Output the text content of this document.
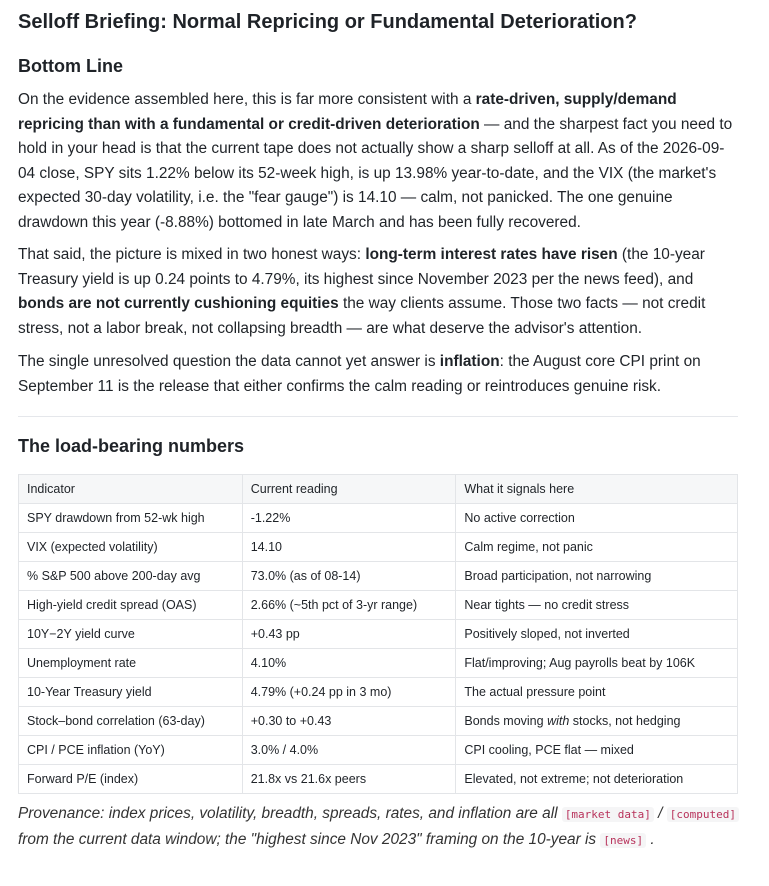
Selloff Briefing: Normal Repricing or Fundamental Deterioration?
Bottom Line

On the evidence assembled here, this is far more consistent with a rate-driven, supply/demand repricing than with a fundamental or credit-driven deterioration — and the sharpest fact you need to hold in your head is that the current tape does not actually show a sharp selloff at all. As of the 2026-09-04 close, SPY sits 1.22% below its 52-week high, is up 13.98% year-to-date, and the VIX (the market's expected 30-day volatility, i.e. the "fear gauge") is 14.10 — calm, not panicked. The one genuine drawdown this year (-8.88%) bottomed in late March and has been fully recovered.

That said, the picture is mixed in two honest ways: long-term interest rates have risen (the 10-year Treasury yield is up 0.24 points to 4.79%, its highest since November 2023 per the news feed), and bonds are not currently cushioning equities the way clients assume. Those two facts — not credit stress, not a labor break, not collapsing breadth — are what deserve the advisor's attention.

The single unresolved question the data cannot yet answer is inflation: the August core CPI print on September 11 is the release that either confirms the calm reading or reintroduces genuine risk.

The load-bearing numbers
Indicator	Current reading	What it signals here
SPY drawdown from 52-wk high	-1.22%	No active correction
VIX (expected volatility)	14.10	Calm regime, not panic
% S&P 500 above 200-day avg	73.0% (as of 08-14)	Broad participation, not narrowing
High-yield credit spread (OAS)	2.66% (~5th pct of 3-yr range)	Near tights — no credit stress
10Y−2Y yield curve	+0.43 pp	Positively sloped, not inverted
Unemployment rate	4.10%	Flat/improving; Aug payrolls beat by 106K
10-Year Treasury yield	4.79% (+0.24 pp in 3 mo)	The actual pressure point
Stock–bond correlation (63-day)	+0.30 to +0.43	Bonds moving with stocks, not hedging
CPI / PCE inflation (YoY)	3.0% / 4.0%	CPI cooling, PCE flat — mixed
Forward P/E (index)	21.8x vs 21.6x peers	Elevated, not extreme; not deterioration

Provenance: index prices, volatility, breadth, spreads, rates, and inflation are all [market data] / [computed] from the current data window; the "highest since Nov 2023" framing on the 10-year is [news] .
